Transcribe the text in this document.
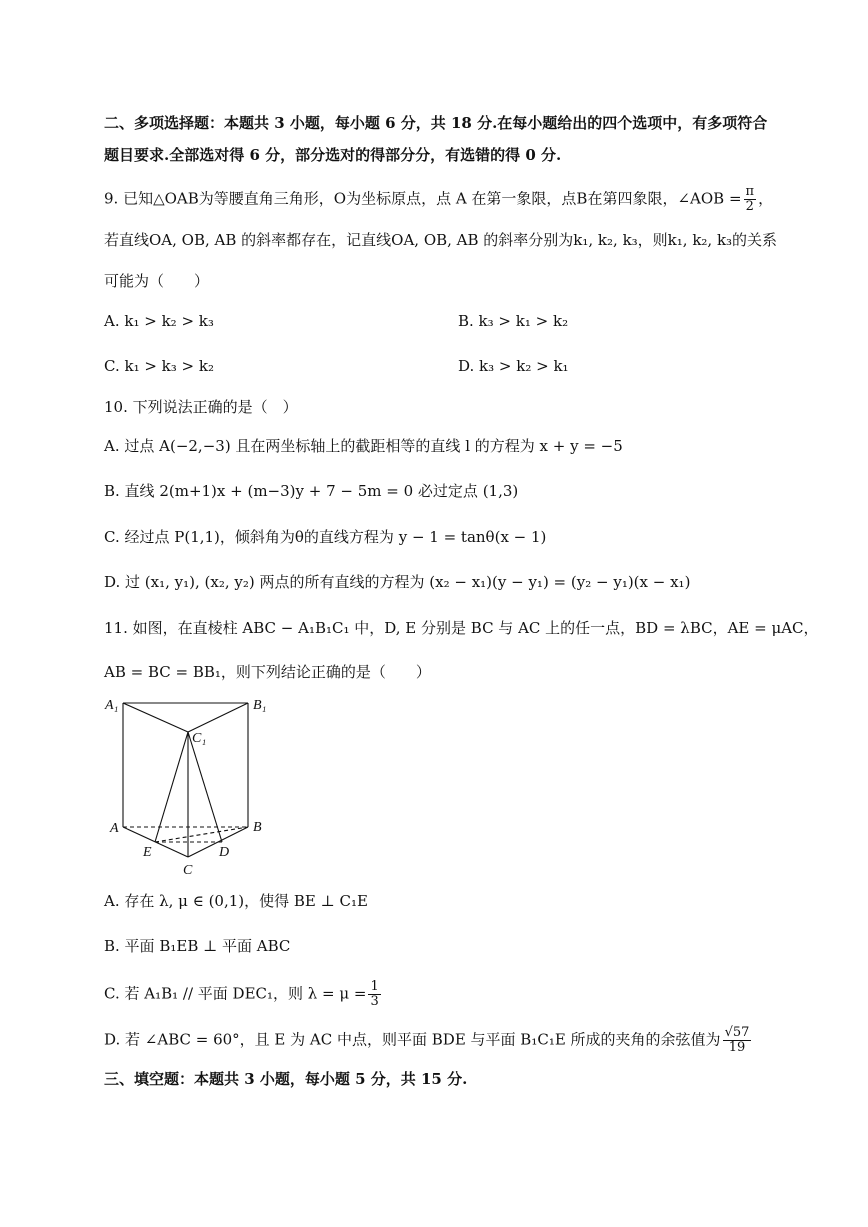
二、多项选择题：本题共 3 小题，每小题 6 分，共 18 分.在每小题给出的四个选项中，有多项符合
题目要求.全部选对得 6 分，部分选对的得部分分，有选错的得 0 分.
9. 已知△OAB为等腰直角三角形，O为坐标原点，点 A 在第一象限，点B在第四象限，∠AOB = $\frac{\pi}{2}$ ，
若直线OA, OB, AB 的斜率都存在，记直线OA, OB, AB 的斜率分别为k₁, k₂, k₃，则k₁, k₂, k₃的关系
可能为（　　）
A. k₁ > k₂ > k₃	B. k₃ > k₁ > k₂
C. k₁ > k₃ > k₂	D. k₃ > k₂ > k₁
10. 下列说法正确的是（　）
A. 过点 A(−2,−3) 且在两坐标轴上的截距相等的直线 l 的方程为 x + y = −5
B. 直线 2(m+1)x + (m−3)y + 7 − 5m = 0 必过定点 (1,3)
C. 经过点 P(1,1)，倾斜角为θ的直线方程为 y − 1 = tanθ(x − 1)
D. 过 (x₁, y₁), (x₂, y₂) 两点的所有直线的方程为 (x₂ − x₁)(y − y₁) = (y₂ − y₁)(x − x₁)
11. 如图，在直棱柱 ABC − A₁B₁C₁ 中，D, E 分别是 BC 与 AC 上的任一点，BD = λBC，AE = μAC，
AB = BC = BB₁，则下列结论正确的是（　　）
A₁	B₁
C₁
A	B
E	D
C
A. 存在 λ, μ ∈ (0,1)，使得 BE ⊥ C₁E
B. 平面 B₁EB ⊥ 平面 ABC
C. 若 A₁B₁ // 平面 DEC₁，则 $\lambda = \mu = \frac{1}{3}$
D. 若 ∠ABC = 60°，且 E 为 AC 中点，则平面 BDE 与平面 B₁C₁E 所成的夹角的余弦值为 $\frac{√57}{19}$
三、填空题：本题共 3 小题，每小题 5 分，共 15 分.
